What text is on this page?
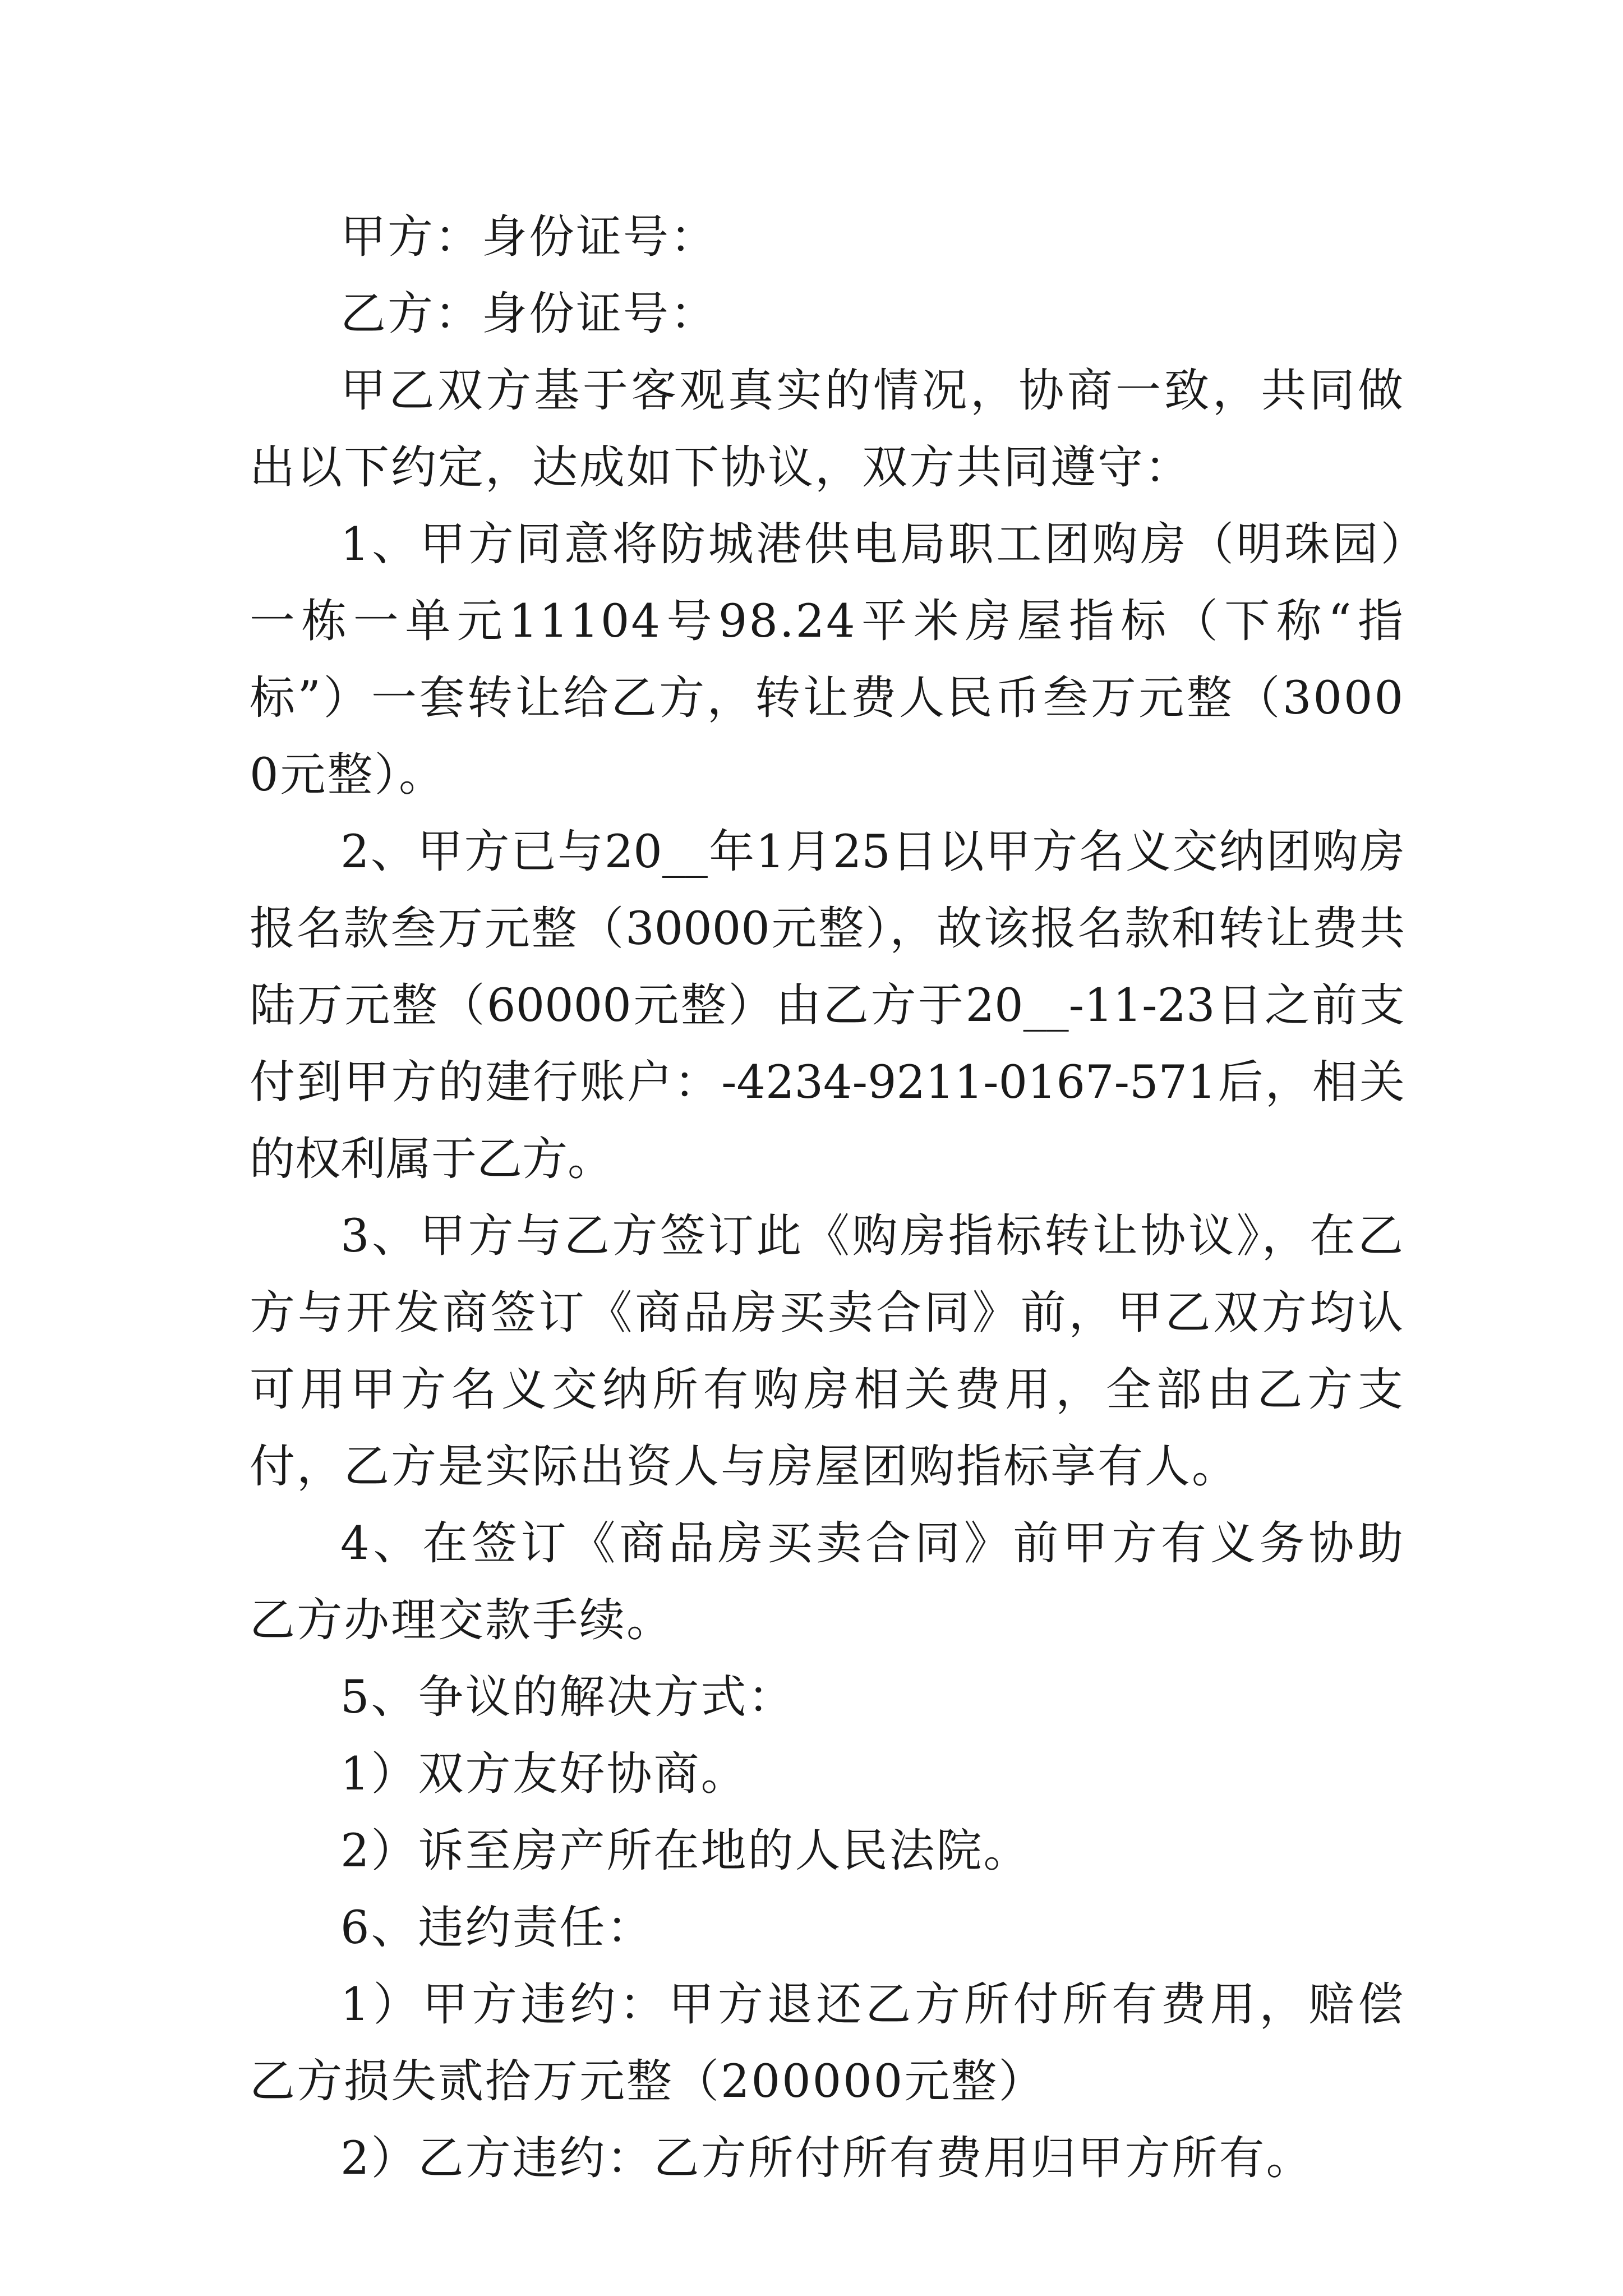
甲方：身份证号：

乙方：身份证号：

甲乙双方基于客观真实的情况，协商一致，共同做出以下约定，达成如下协议，双方共同遵守：

1、甲方同意将防城港供电局职工团购房（明珠园）一栋一单元11104号98.24平米房屋指标（下称“指标”）一套转让给乙方，转让费人民币叁万元整（30000元整）。

2、甲方已与20__年1月25日以甲方名义交纳团购房报名款叁万元整（30000元整），故该报名款和转让费共陆万元整（60000元整）由乙方于20__-11-23日之前支付到甲方的建行账户：-4234-9211-0167-571后，相关的权利属于乙方。

3、甲方与乙方签订此《购房指标转让协议》，在乙方与开发商签订《商品房买卖合同》前，甲乙双方均认可用甲方名义交纳所有购房相关费用，全部由乙方支付，乙方是实际出资人与房屋团购指标享有人。

4、在签订《商品房买卖合同》前甲方有义务协助乙方办理交款手续。

5、争议的解决方式：

1）双方友好协商。

2）诉至房产所在地的人民法院。

6、违约责任：

1）甲方违约：甲方退还乙方所付所有费用，赔偿乙方损失贰拾万元整（200000元整）

2）乙方违约：乙方所付所有费用归甲方所有。
